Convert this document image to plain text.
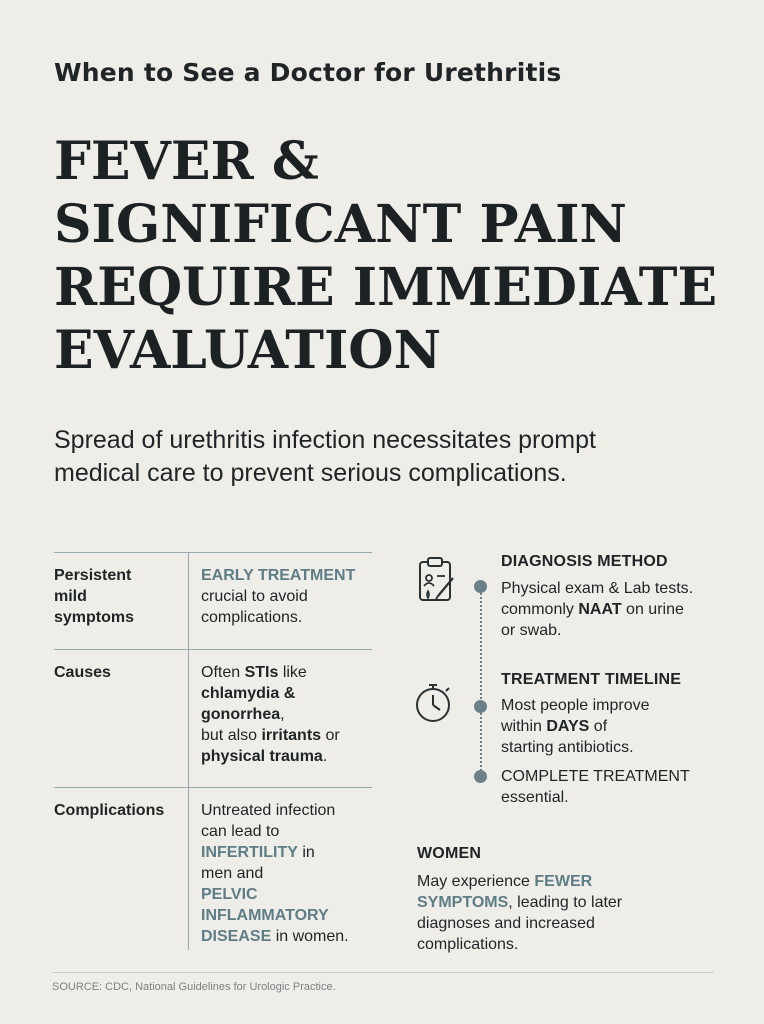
When to See a Doctor for Urethritis
FEVER &
SIGNIFICANT PAIN
REQUIRE IMMEDIATE
EVALUATION
Spread of urethritis infection necessitates prompt
medical care to prevent serious complications.
Persistent
mild
symptoms
EARLY TREATMENT
crucial to avoid
complications.
Causes	Often STIs like
chlamydia &
gonorrhea,
but also irritants or
physical trauma.
Complications	Untreated infection
can lead to
INFERTILITY in
men and
PELVIC
INFLAMMATORY
DISEASE in women.
DIAGNOSIS METHOD
Physical exam & Lab tests.
commonly NAAT on urine
or swab.
TREATMENT TIMELINE
Most people improve
within DAYS of
starting antibiotics.
COMPLETE TREATMENT
essential.
WOMEN
May experience FEWER
SYMPTOMS, leading to later
diagnoses and increased
complications.
SOURCE: CDC, National Guidelines for Urologic Practice.
